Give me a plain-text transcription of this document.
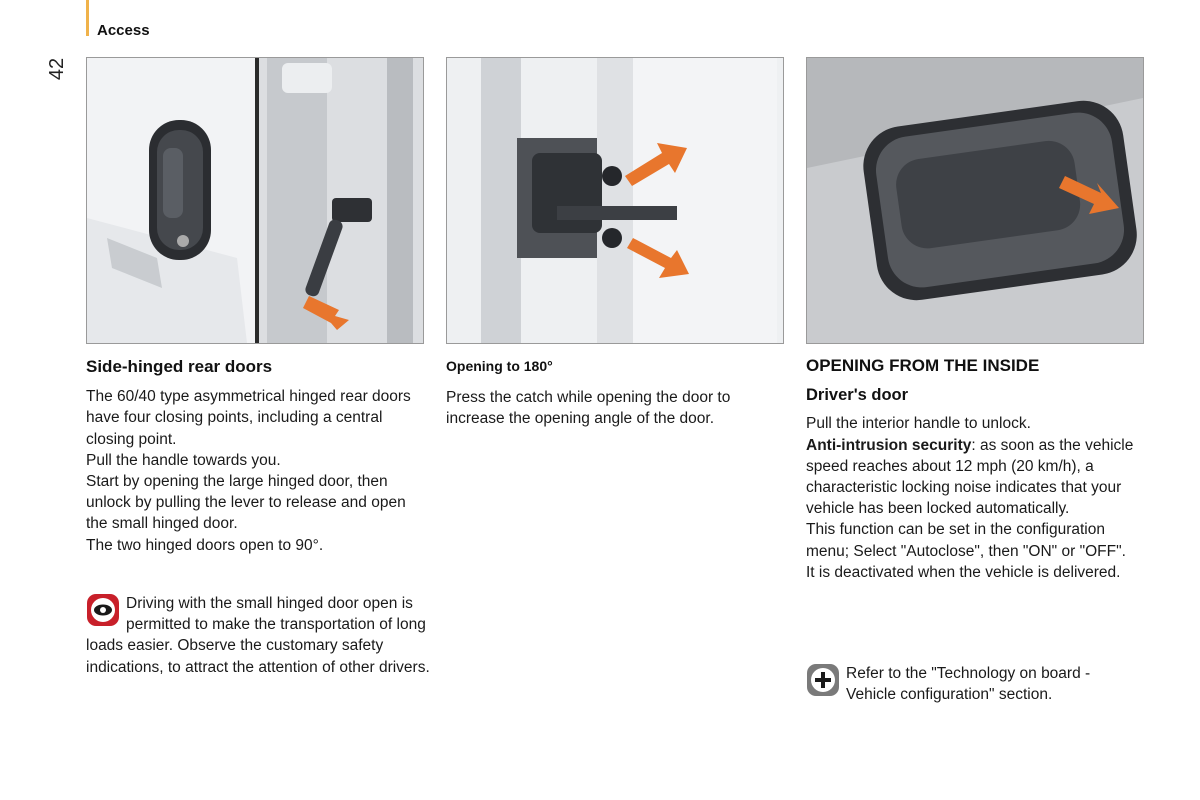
Access
42
Side-hinged rear doors

The 60/40 type asymmetrical hinged rear doors have four closing points, including a central closing point.

Pull the handle towards you.

Start by opening the large hinged door, then unlock by pulling the lever to release and open the small hinged door.

The two hinged doors open to 90°.

Driving with the small hinged door open is permitted to make the transportation of long loads easier. Observe the customary safety indications, to attract the attention of other drivers.
Opening to 180°

Press the catch while opening the door to increase the opening angle of the door.

OPENING FROM THE INSIDE
Driver's door

Pull the interior handle to unlock.

Anti-intrusion security: as soon as the vehicle speed reaches about 12 mph (20 km/h), a characteristic locking noise indicates that your vehicle has been locked automatically.

This function can be set in the configuration menu; Select "Autoclose", then "ON" or "OFF".

It is deactivated when the vehicle is delivered.

Refer to the "Technology on board - Vehicle configuration" section.
